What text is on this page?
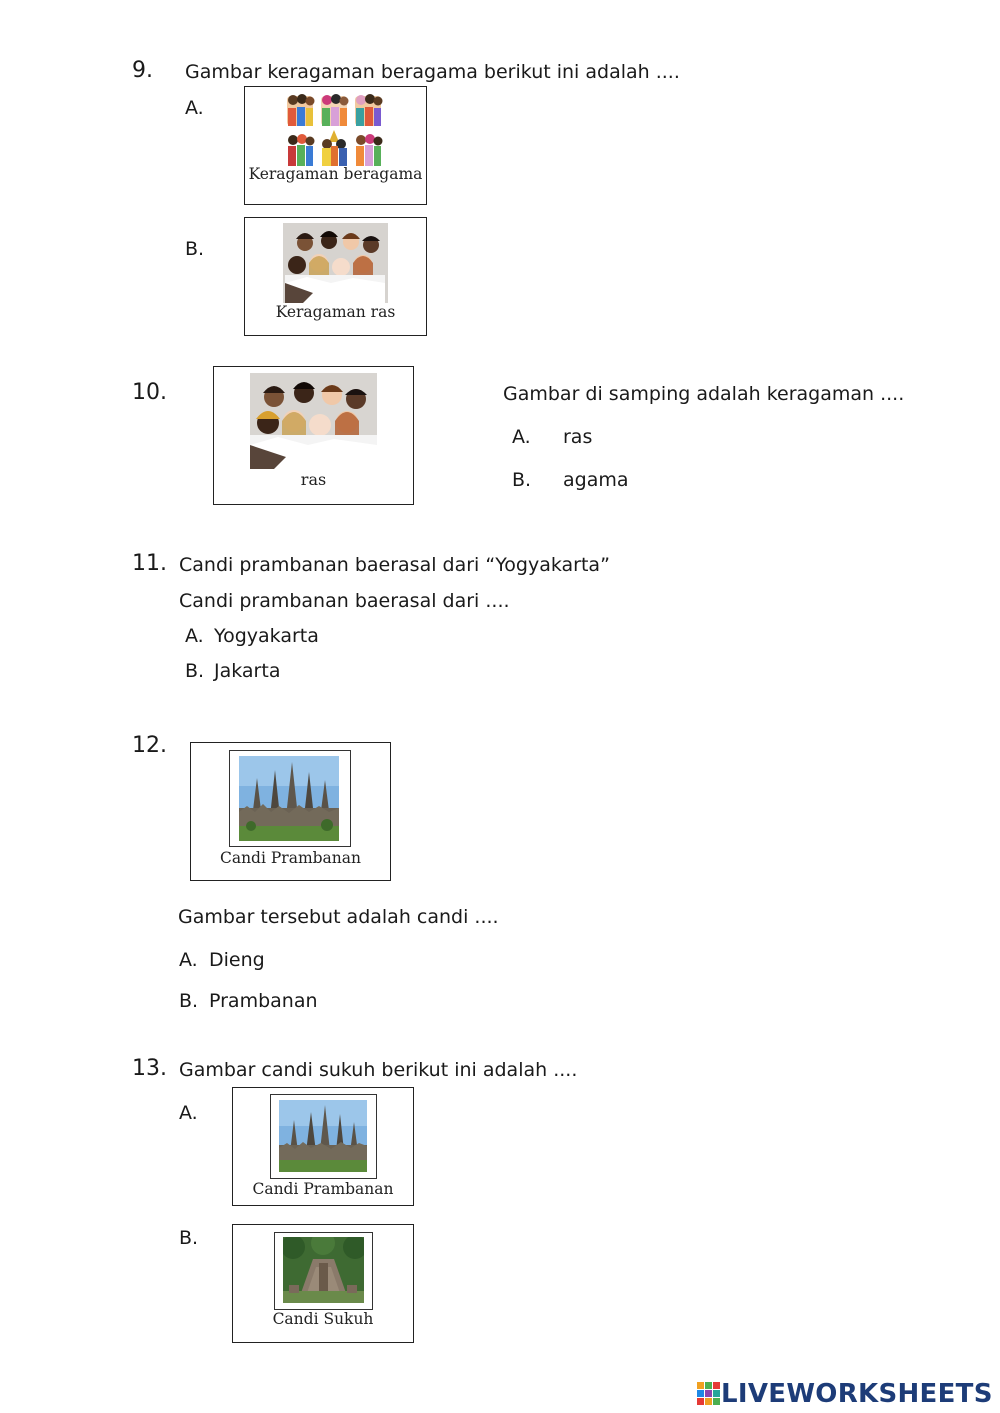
9. Gambar keragaman beragama berikut ini adalah ....
A.
Keragaman beragama
B.
Keragaman ras
10.
ras
Gambar di samping adalah keragaman ....
A. ras
B. agama
11. Candi prambanan baerasal dari “Yogyakarta”
Candi prambanan baerasal dari ....
A. Yogyakarta
B. Jakarta
12.
Candi Prambanan
Gambar tersebut adalah candi ....
A. Dieng
B. Prambanan
13. Gambar candi sukuh berikut ini adalah ....
A.
Candi Prambanan
B.
Candi Sukuh
LIVEWORKSHEETS
